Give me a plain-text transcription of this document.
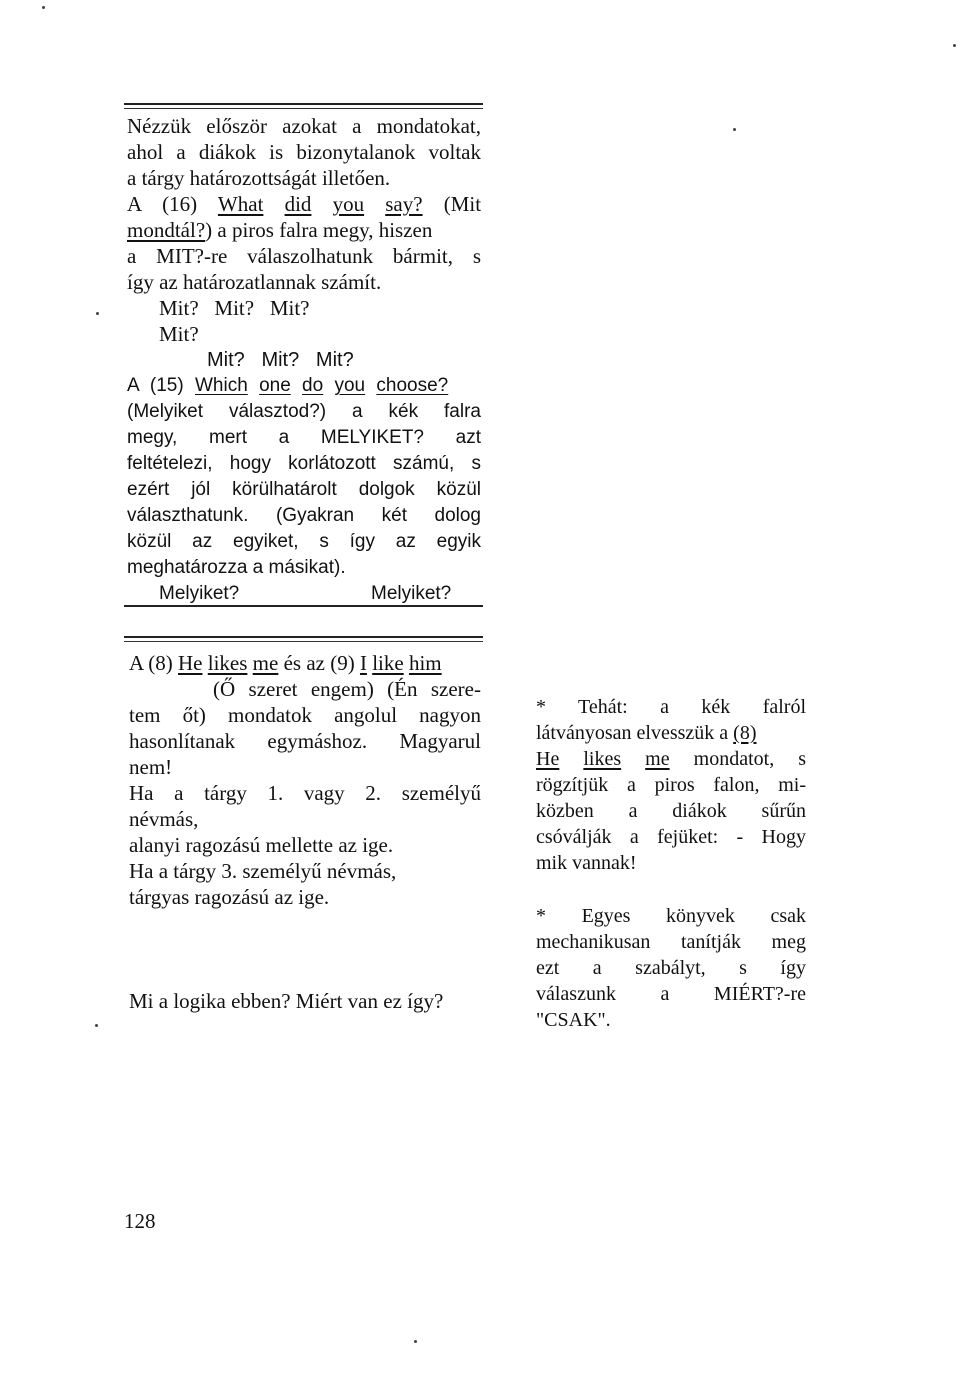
Nézzük először azokat a mondatokat,
ahol a diákok is bizonytalanok voltak
a tárgy határozottságát illetően.
A (16) What did you say? (Mit
mondtál?) a piros falra megy, hiszen
a MIT?-re válaszolhatunk bármit, s
így az határozatlannak számít.
Mit?   Mit?   Mit?
Mit?
Mit?   Mit?   Mit?
A (15) Which one do you choose?
(Melyiket választod?) a kék falra
megy, mert a MELYIKET? azt
feltételezi, hogy korlátozott számú, s
ezért jól körülhatárolt dolgok közül
választhatunk. (Gyakran két dolog
közül az egyiket, s így az egyik
meghatározza a másikat).
Melyiket?	Melyiket?
A (8) He likes me és az (9) I like him
(Ő szeret engem) (Én szere-
tem őt) mondatok angolul nagyon
hasonlítanak egymáshoz. Magyarul
nem!
Ha a tárgy 1. vagy 2. személyű
névmás,
alanyi ragozású mellette az ige.
Ha a tárgy 3. személyű névmás,
tárgyas ragozású az ige.
Mi a logika ebben? Miért van ez így?
* Tehát: a kék falról
látványosan elvesszük a (8)
He likes me mondatot, s
rögzítjük a piros falon, mi-
közben a diákok sűrűn
csóválják a fejüket: - Hogy
mik vannak!
* Egyes könyvek csak
mechanikusan tanítják meg
ezt a szabályt, s így
válaszunk a MIÉRT?-re
"CSAK".
128
